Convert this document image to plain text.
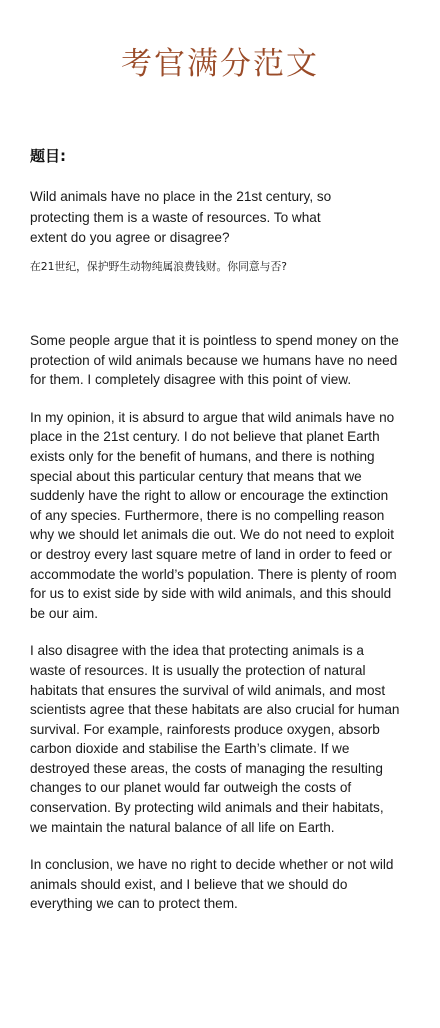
考官满分范文
题目:
Wild animals have no place in the 21st century, so protecting them is a waste of resources. To what extent do you agree or disagree?
在21世纪，保护野生动物纯属浪费钱财。你同意与否?

Some people argue that it is pointless to spend money on the protection of wild animals because we humans have no need for them. I completely disagree with this point of view.

In my opinion, it is absurd to argue that wild animals have no place in the 21st century. I do not believe that planet Earth exists only for the benefit of humans, and there is nothing special about this particular century that means that we suddenly have the right to allow or encourage the extinction of any species. Furthermore, there is no compelling reason why we should let animals die out. We do not need to exploit or destroy every last square metre of land in order to feed or accommodate the world’s population. There is plenty of room for us to exist side by side with wild animals, and this should be our aim.

I also disagree with the idea that protecting animals is a waste of resources. It is usually the protection of natural habitats that ensures the survival of wild animals, and most scientists agree that these habitats are also crucial for human survival. For example, rainforests produce oxygen, absorb carbon dioxide and stabilise the Earth’s climate. If we destroyed these areas, the costs of managing the resulting changes to our planet would far outweigh the costs of conservation. By protecting wild animals and their habitats, we maintain the natural balance of all life on Earth.

In conclusion, we have no right to decide whether or not wild animals should exist, and I believe that we should do everything we can to protect them.
